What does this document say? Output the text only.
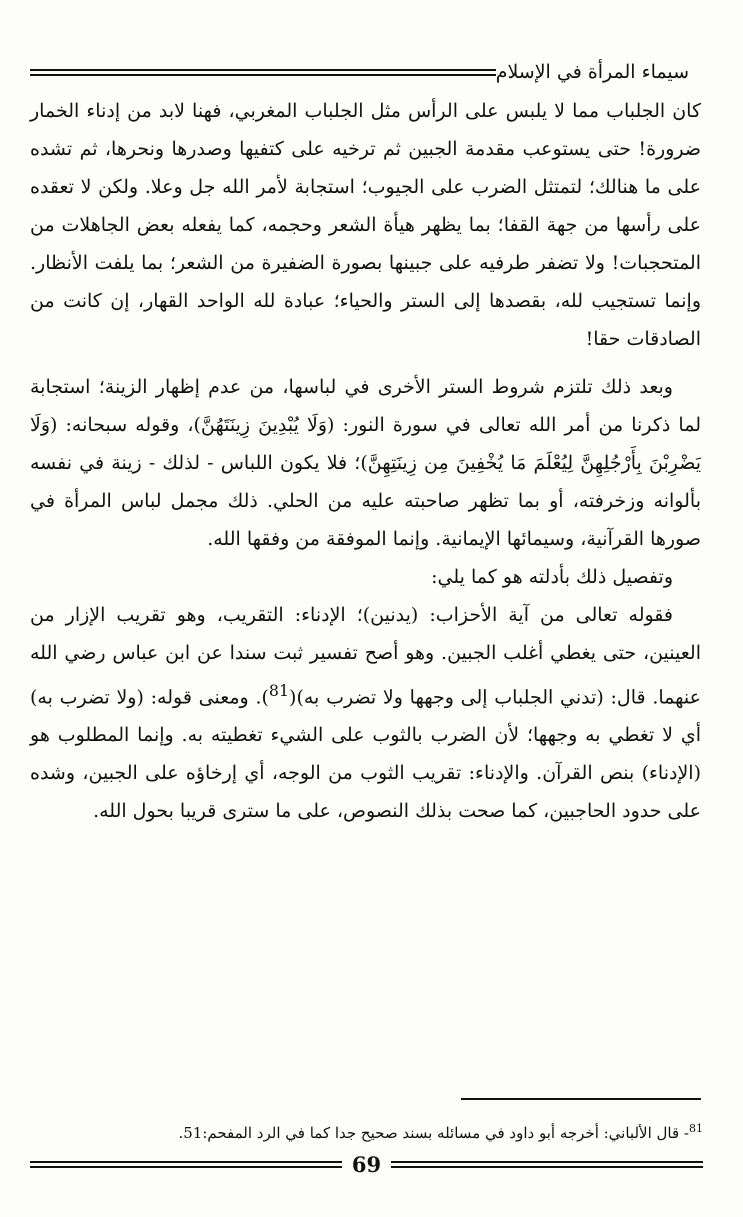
سيماء المرأة في الإسلام

كان الجلباب مما لا يلبس على الرأس مثل الجلباب المغربي، فهنا لابد من إدناء الخمار ضرورة! حتى يستوعب مقدمة الجبين ثم ترخيه على كتفيها وصدرها ونحرها، ثم تشده على ما هنالك؛ لتمتثل الضرب على الجيوب؛ استجابة لأمر الله جل وعلا. ولكن لا تعقده على رأسها من جهة القفا؛ بما يظهر هيأة الشعر وحجمه، كما يفعله بعض الجاهلات من المتحجبات! ولا تضفر طرفيه على جبينها بصورة الضفيرة من الشعر؛ بما يلفت الأنظار. وإنما تستجيب لله، بقصدها إلى الستر والحياء؛ عبادة لله الواحد القهار، إن كانت من الصادقات حقا!

وبعد ذلك تلتزم شروط الستر الأخرى في لباسها، من عدم إظهار الزينة؛ استجابة لما ذكرنا من أمر الله تعالى في سورة النور: (وَلَا يُبْدِينَ زِينَتَهُنَّ)، وقوله سبحانه: (وَلَا يَضْرِبْنَ بِأَرْجُلِهِنَّ لِيُعْلَمَ مَا يُخْفِينَ مِن زِينَتِهِنَّ)؛ فلا يكون اللباس - لذلك - زينة في نفسه بألوانه وزخرفته، أو بما تظهر صاحبته عليه من الحلي. ذلك مجمل لباس المرأة في صورها القرآنية، وسيمائها الإيمانية. وإنما الموفقة من وفقها الله.

وتفصيل ذلك بأدلته هو كما يلي:

فقوله تعالى من آية الأحزاب: (يدنين)؛ الإدناء: التقريب، وهو تقريب الإزار من العينين، حتى يغطي أغلب الجبين. وهو أصح تفسير ثبت سندا عن ابن عباس رضي الله عنهما. قال: (تدني الجلباب إلى وجهها ولا تضرب به)($^{81}$). ومعنى قوله: (ولا تضرب به) أي لا تغطي به وجهها؛ لأن الضرب بالثوب على الشيء تغطيته به. وإنما المطلوب هو (الإدناء) بنص القرآن. والإدناء: تقريب الثوب من الوجه، أي إرخاؤه على الجبين، وشده على حدود الحاجبين، كما صحت بذلك النصوص، على ما سترى قريبا بحول الله.

$^{81}$- قال الألباني: أخرجه أبو داود في مسائله بسند صحيح جدا كما في الرد المفحم:51.
69
